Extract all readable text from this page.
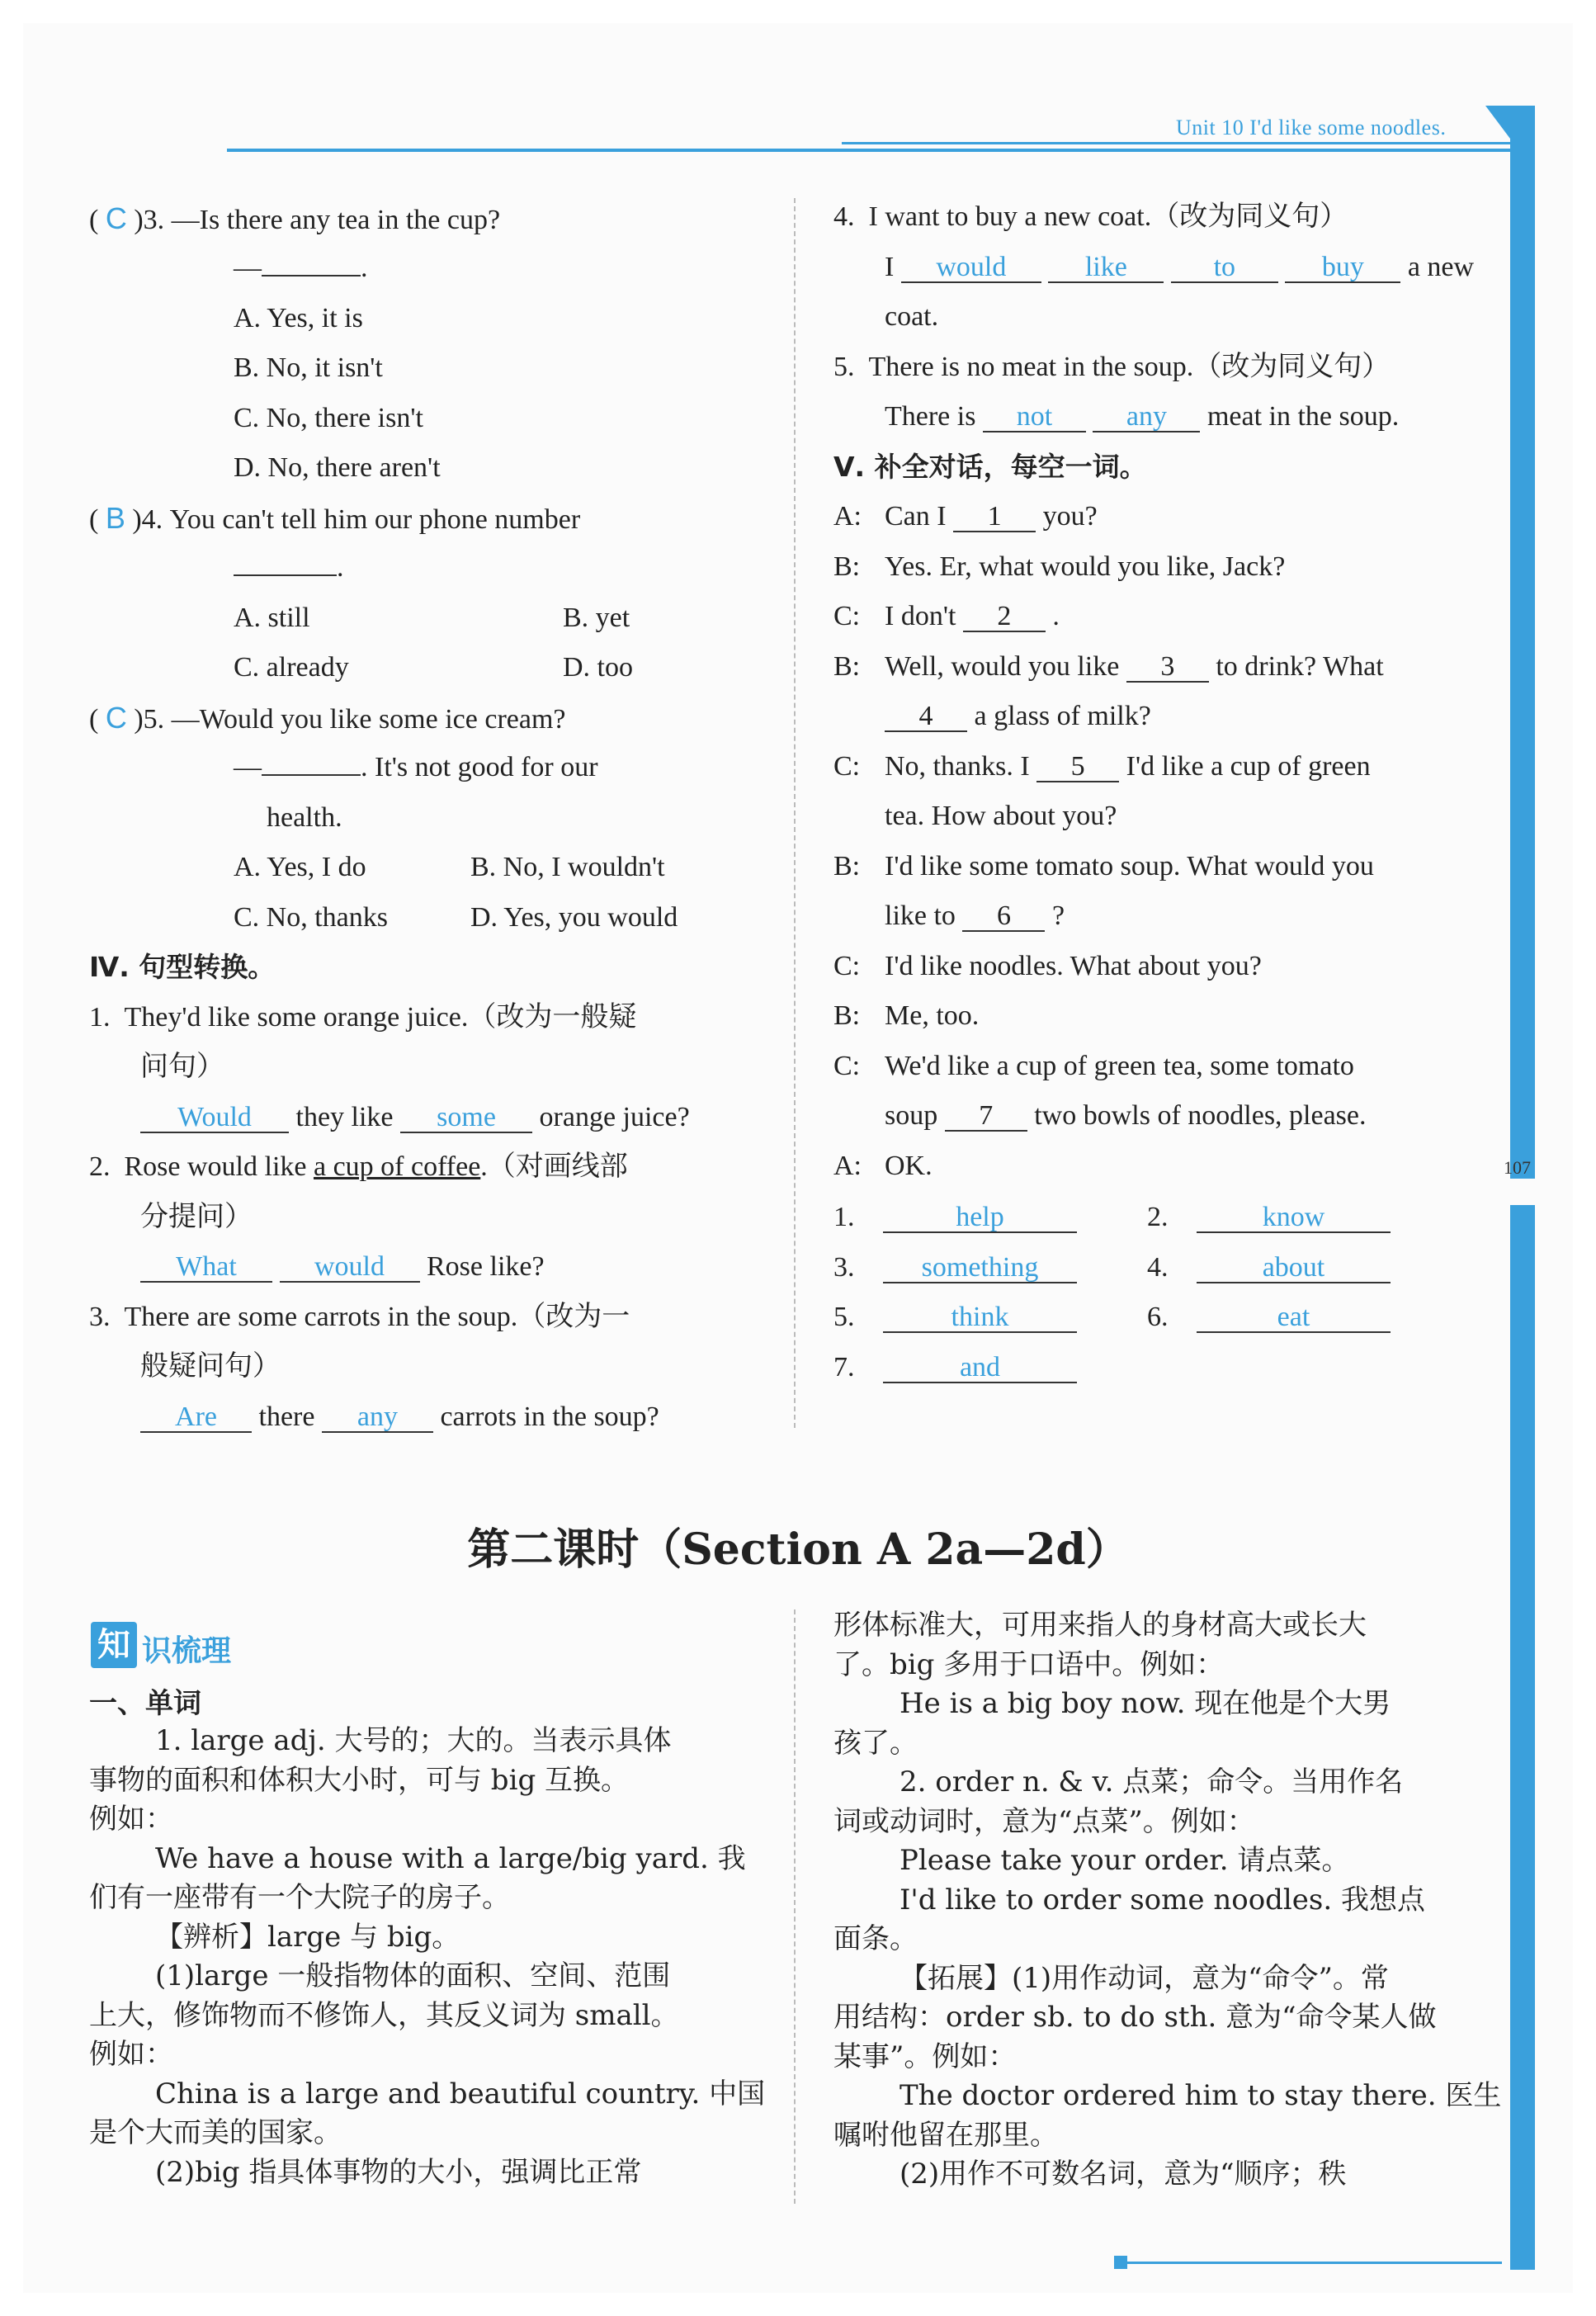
Unit 10 I'd like some noodles.
107
( C )3. —Is there any tea in the cup?
—	.
A. Yes, it is
B. No, it isn't
C. No, there isn't
D. No, there aren't
( B )4. You can't tell him our phone number
.
A. still	B. yet
C. already	D. too
( C )5. —Would you like some ice cream?
—	. It's not good for our
health.
A. Yes, I do	B. No, I wouldn't
C. No, thanks	D. Yes, you would
Ⅳ. 句型转换。
1. They'd like some orange juice.（改为一般疑
问句）
Would they like some orange juice?
2. Rose would like a cup of coffee.（对画线部
分提问）
What	would Rose like?
3. There are some carrots in the soup.（改为一
般疑问句）
Are there any carrots in the soup?
4. I want to buy a new coat.（改为同义句）
I would	like	to	buy a new
coat.
5. There is no meat in the soup.（改为同义句）
There is not	any meat in the soup.
Ⅴ. 补全对话，每空一词。
A: Can I 1 you?
B: Yes. Er, what would you like, Jack?
C: I don't 2 .
B: Well, would you like 3 to drink? What
4 a glass of milk?
C: No, thanks. I 5 I'd like a cup of green
tea. How about you?
B: I'd like some tomato soup. What would you
like to 6 ?
C: I'd like noodles. What about you?
B: Me, too.
C: We'd like a cup of green tea, some tomato
soup 7 two bowls of noodles, please.
A: OK.
1.	help	2.	know
3. something	4.	about
5.	think	6.	eat
7.	and
第二课时（Section A 2a—2d）
知 识梳理
一、单词
1. large adj. 大号的；大的。当表示具体
事物的面积和体积大小时，可与 big 互换。
例如：
We have a house with a large/big yard. 我
们有一座带有一个大院子的房子。
【辨析】large 与 big。
(1)large 一般指物体的面积、空间、范围
上大，修饰物而不修饰人，其反义词为 small。
例如：
China is a large and beautiful country. 中国
是个大而美的国家。
(2)big 指具体事物的大小，强调比正常
形体标准大，可用来指人的身材高大或长大
了。big 多用于口语中。例如：
He is a big boy now. 现在他是个大男
孩了。
2. order n. & v. 点菜；命令。当用作名
词或动词时，意为“点菜”。例如：
Please take your order. 请点菜。
I'd like to order some noodles. 我想点
面条。
【拓展】(1)用作动词，意为“命令”。常
用结构：order sb. to do sth. 意为“命令某人做
某事”。例如：
The doctor ordered him to stay there. 医生
嘱咐他留在那里。
(2)用作不可数名词，意为“顺序；秩
